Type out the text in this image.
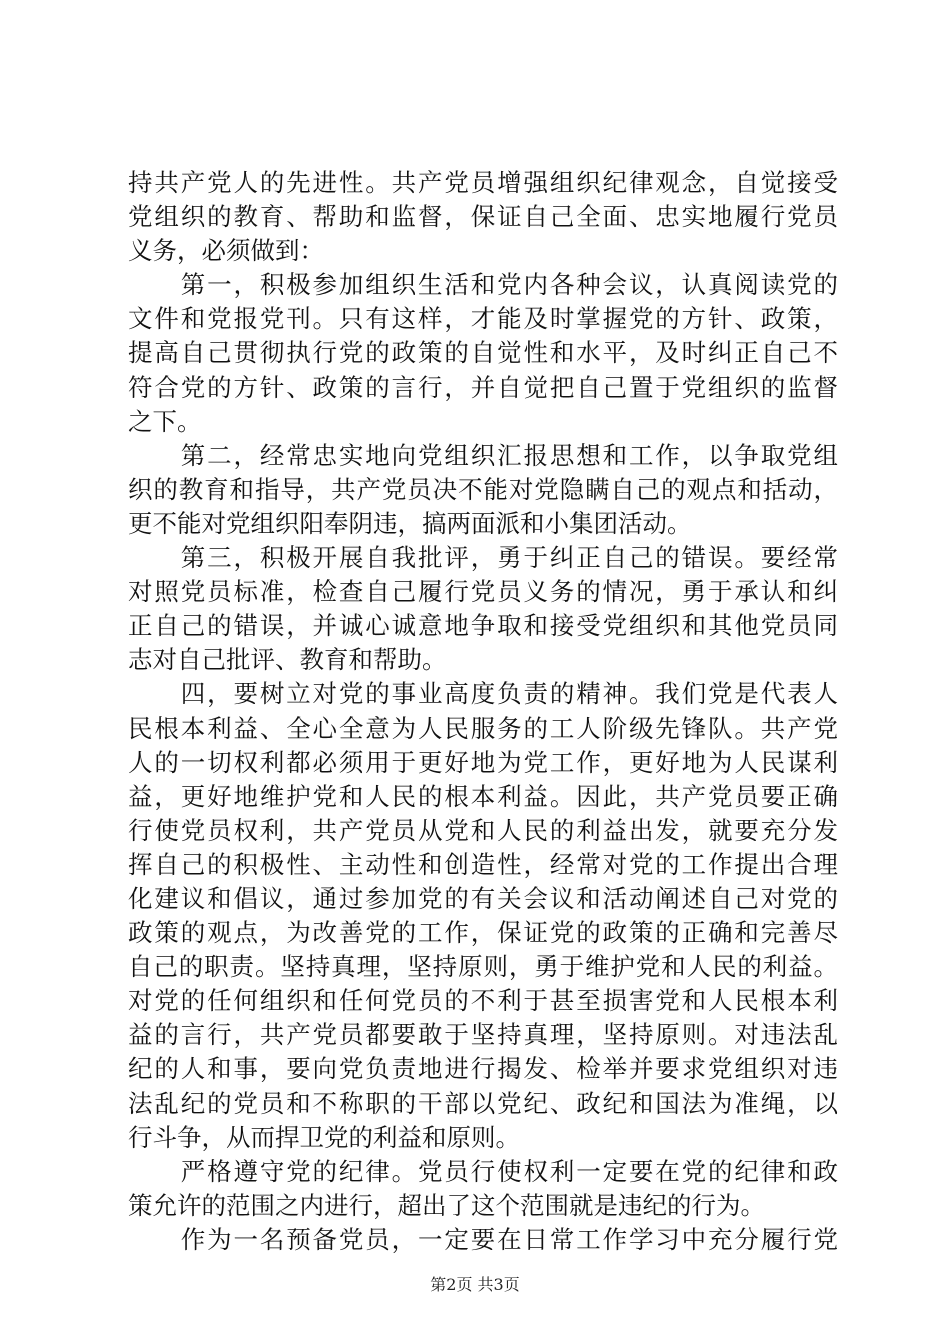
持共产党人的先进性。共产党员增强组织纪律观念，自觉接受
党组织的教育、帮助和监督，保证自己全面、忠实地履行党员
义务，必须做到：
　　第一，积极参加组织生活和党内各种会议，认真阅读党的
文件和党报党刊。只有这样，才能及时掌握党的方针、政策，
提高自己贯彻执行党的政策的自觉性和水平，及时纠正自己不
符合党的方针、政策的言行，并自觉把自己置于党组织的监督
之下。
　　第二，经常忠实地向党组织汇报思想和工作，以争取党组
织的教育和指导，共产党员决不能对党隐瞒自己的观点和括动，
更不能对党组织阳奉阴违，搞两面派和小集团活动。
　　第三，积极开展自我批评，勇于纠正自己的错误。要经常
对照党员标准，检查自己履行党员义务的情况，勇于承认和纠
正自己的错误，并诚心诚意地争取和接受党组织和其他党员同
志对自己批评、教育和帮助。
　　四，要树立对党的事业高度负责的精神。我们党是代表人
民根本利益、全心全意为人民服务的工人阶级先锋队。共产党
人的一切权利都必须用于更好地为党工作，更好地为人民谋利
益，更好地维护党和人民的根本利益。因此，共产党员要正确
行使党员权利，共产党员从党和人民的利益出发，就要充分发
挥自己的积极性、主动性和创造性，经常对党的工作提出合理
化建议和倡议，通过参加党的有关会议和活动阐述自己对党的
政策的观点，为改善党的工作，保证党的政策的正确和完善尽
自己的职责。坚持真理，坚持原则，勇于维护党和人民的利益。
对党的任何组织和任何党员的不利于甚至损害党和人民根本利
益的言行，共产党员都要敢于坚持真理，坚持原则。对违法乱
纪的人和事，要向党负责地进行揭发、检举并要求党组织对违
法乱纪的党员和不称职的干部以党纪、政纪和国法为准绳，以
行斗争，从而捍卫党的利益和原则。
　　严格遵守党的纪律。党员行使权利一定要在党的纪律和政
策允许的范围之内进行，超出了这个范围就是违纪的行为。
　　作为一名预备党员，一定要在日常工作学习中充分履行党
第2页 共3页
